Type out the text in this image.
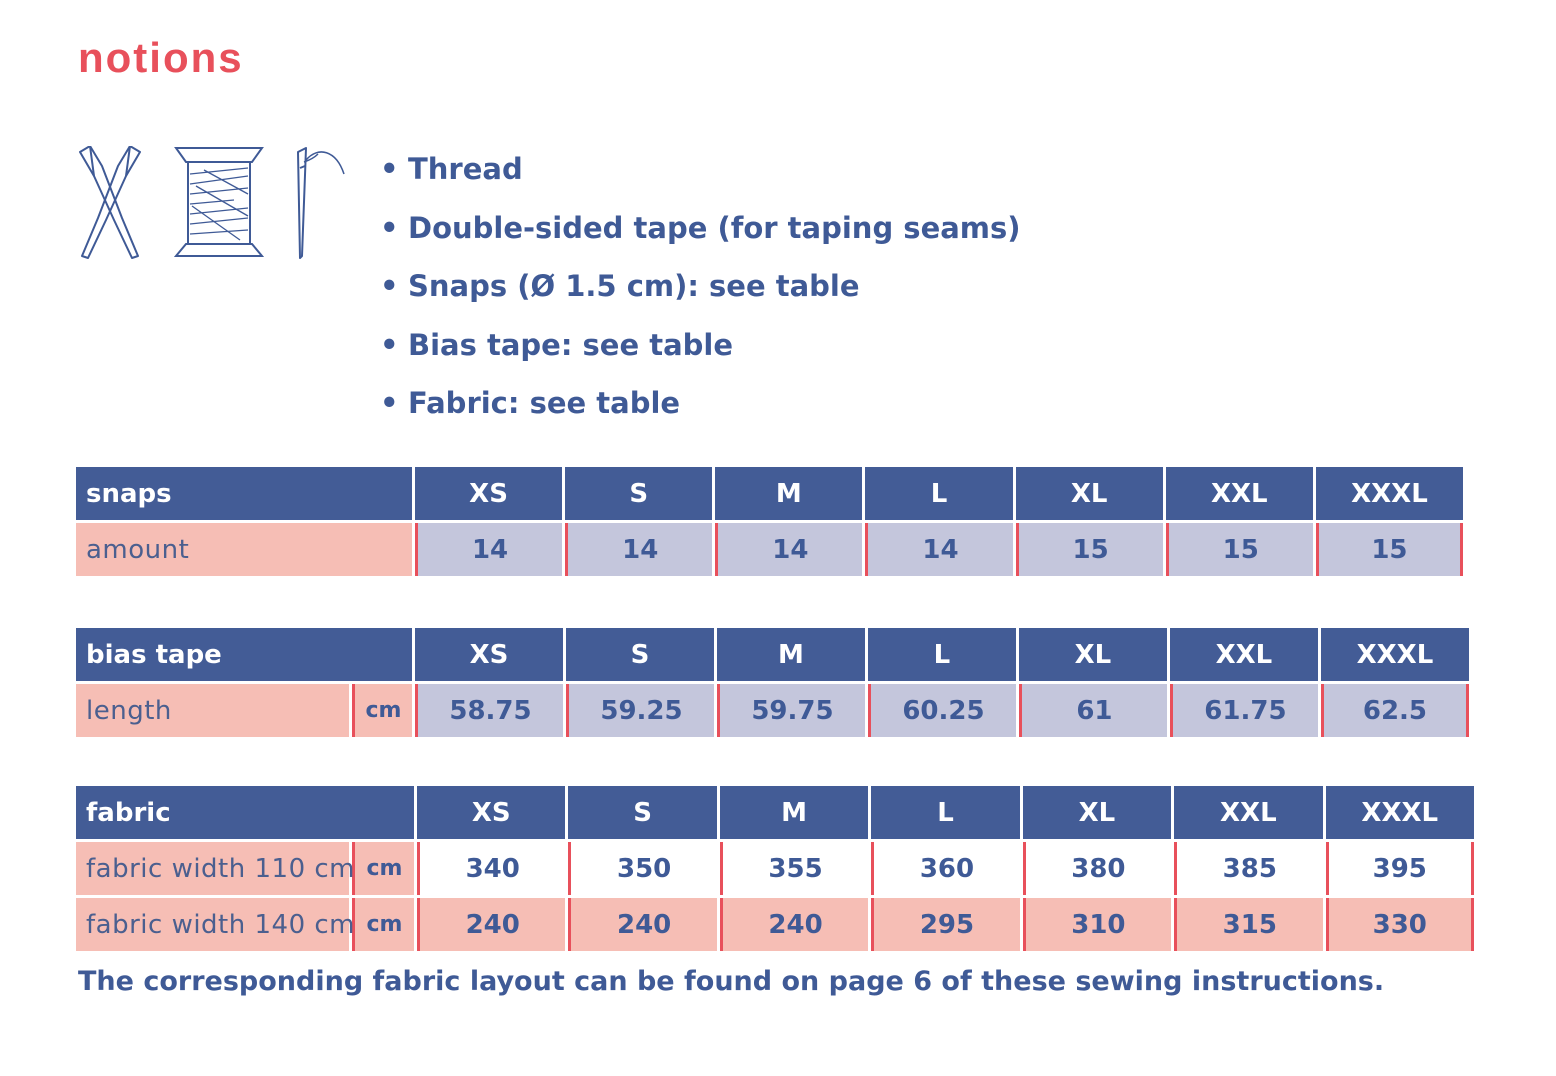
notions
• Thread
• Double-sided tape (for taping seams)
• Snaps (Ø 1.5 cm): see table
• Bias tape: see table
• Fabric: see table
snaps	XS	S	M	L	XL	XXL	XXXL
amount	14	14	14	14	15	15	15
bias tape		XS	S	M	L	XL	XXL	XXXL
length	cm	58.75	59.25	59.75	60.25	61	61.75	62.5
fabric		XS	S	M	L	XL	XXL	XXXL
fabric width 110 cm	cm	340	350	355	360	380	385	395
fabric width 140 cm	cm	240	240	240	295	310	315	330

The corresponding fabric layout can be found on page 6 of these sewing instructions.
